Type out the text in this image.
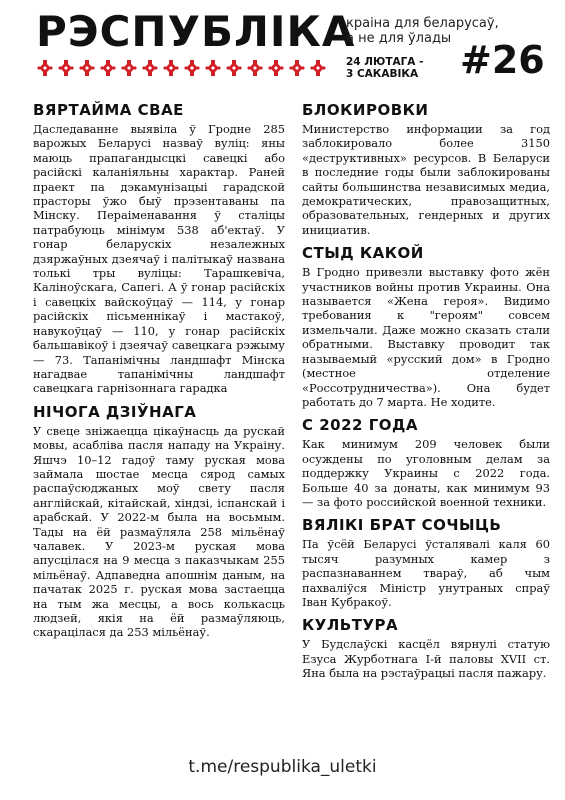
РЭСПУБЛІКА
краіна для беларусаў,
а не для ўлады
24 ЛЮТАГА -
3 САКАВІКА #26
ВЯРТАЙМА СВАЕ

Даследаванне выявіла ў Гродне 285 варожых Беларусі назваў вуліц: яны маюць прапагандысцкі савецкі або расійскі каланіяльны характар. Раней праект па дэкамунізацыі гарадской прасторы ўжо быў прэзентаваны па Мінску. Пераіменавання ў сталіцы патрабуюць мінімум 538 аб'ектаў. У гонар беларускіх незалежных дзяржаўных дзеячаў і палітыкаў названа толькі тры вуліцы: Тарашкевіча, Каліноўскага, Сапегі. А ў гонар расійскіх і савецкіх вайскоўцаў — 114, у гонар расійскіх пісьменнікаў і мастакоў, навукоўцаў — 110, у гонар расійскіх бальшавікоў і дзеячаў савецкага рэжыму — 73. Тапанімічны ландшафт Мінска нагадвае тапанімічны ландшафт савецкага гарнізоннага гарадка

НІЧОГА ДЗІЎНАГА

У свеце зніжаецца цікаўнасць да рускай мовы, асабліва пасля нападу на Украіну. Яшчэ 10–12 гадоў таму руская мова займала шостае месца сярод самых распаўсюджаных моў свету пасля англійскай, кітайскай, хіндзі, іспанскай і арабскай. У 2022-м была на восьмым. Тады на ёй размаўляла 258 мільёнаў чалавек. У 2023-м руская мова апусцілася на 9 месца з паказчыкам 255 мільёнаў. Адпаведна апошнім даным, на пачатак 2025 г. руская мова застаецца на тым жа месцы, а вось колькасць людзей, якія на ёй размаўляюць, скарацілася да 253 мільёнаў.

БЛОКИРОВКИ

Министерство информации за год заблокировало более 3150 «деструктивных» ресурсов. В Беларуси в последние годы были заблокированы сайты большинства независимых медиа, демократических, правозащитных, образовательных, гендерных и других инициатив.

СТЫД КАКОЙ

В Гродно привезли выставку фото жён участников войны против Украины. Она называется «Жена героя». Видимо требования к "героям" совсем измельчали. Даже можно сказать стали обратными. Выставку проводит так называемый «русский дом» в Гродно (местное отделение «Россотрудничества»). Она будет работать до 7 марта. Не ходите.

С 2022 ГОДА

Как минимум 209 человек были осуждены по уголовным делам за поддержку Украины с 2022 года. Больше 40 за донаты, как минимум 93 — за фото российской военной техники.

ВЯЛІКІ БРАТ СОЧЫЦЬ

Па ўсёй Беларусі ўсталявалі каля 60 тысяч разумных камер з распазнаваннем твараў, аб чым пахваліўся Міністр унутраных спраў Іван Кубракоў.

КУЛЬТУРА

У Будслаўскі касцёл вярнулі статую Езуса Журботнага I-й паловы XVII ст. Яна была на рэстаўрацыі пасля пажару.

t.me/respublika_uletki
